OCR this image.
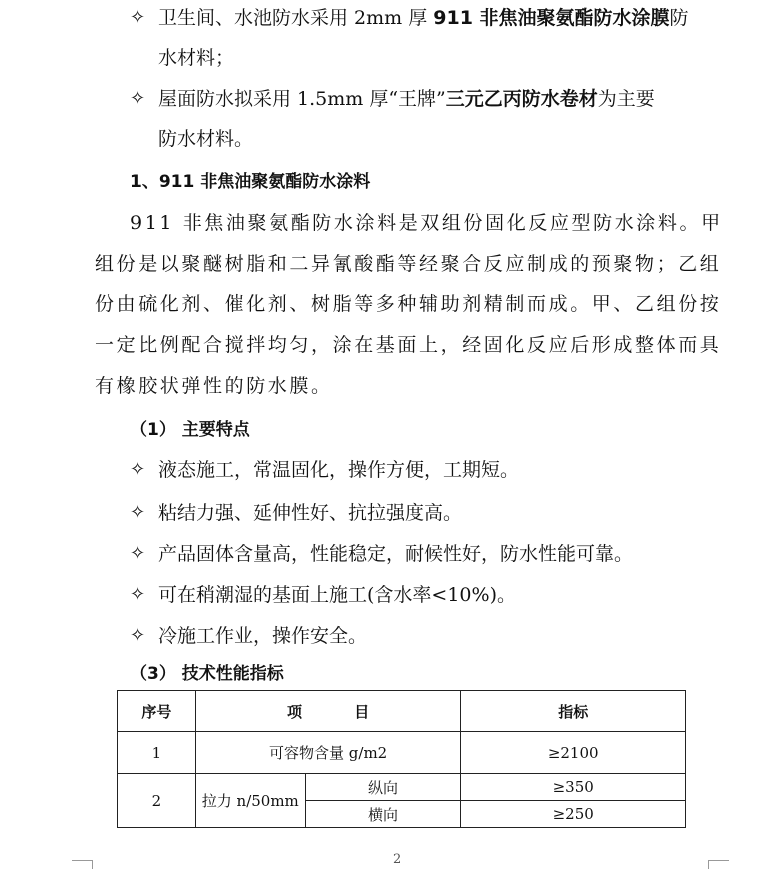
✧ 卫生间、水池防水采用 2mm 厚 911 非焦油聚氨酯防水涂膜防
水材料；
✧ 屋面防水拟采用 1.5mm 厚“王牌”三元乙丙防水卷材为主要
防水材料。
1、911 非焦油聚氨酯防水涂料
911 非焦油聚氨酯防水涂料是双组份固化反应型防水涂料。甲
组份是以聚醚树脂和二异氰酸酯等经聚合反应制成的预聚物；乙组
份由硫化剂、催化剂、树脂等多种辅助剂精制而成。甲、乙组份按
一定比例配合搅拌均匀，涂在基面上，经固化反应后形成整体而具
有橡胶状弹性的防水膜。
（1） 主要特点
✧ 液态施工，常温固化，操作方便，工期短。
✧ 粘结力强、延伸性好、抗拉强度高。
✧ 产品固体含量高，性能稳定，耐候性好，防水性能可靠。
✧ 可在稍潮湿的基面上施工(含水率<10%)。
✧ 冷施工作业，操作安全。
（3） 技术性能指标
序号	项          目		指标
1	可容物含量 g/m2		≥2100
2	拉力 n/50mm	纵向	≥350
		横向	≥250
2
